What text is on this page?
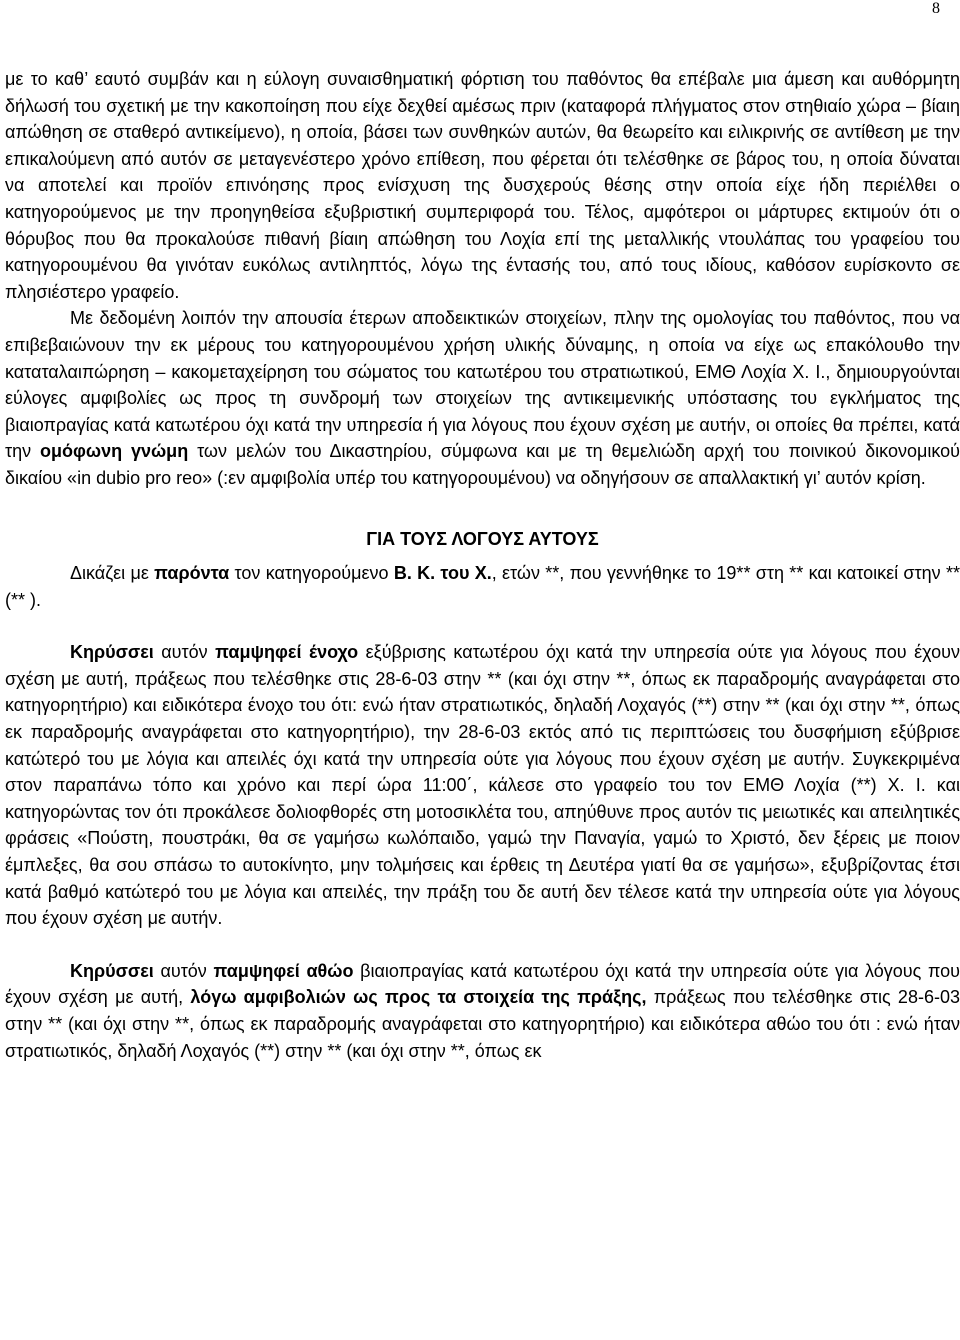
8

με το καθ’ εαυτό συμβάν και η εύλογη συναισθηματική φόρτιση του παθόντος θα επέβαλε μια άμεση και αυθόρμητη δήλωσή του σχετική με την κακοποίηση που είχε δεχθεί αμέσως πριν (καταφορά πλήγματος στον στηθιαίο χώρα – βίαιη απώθηση σε σταθερό αντικείμενο), η οποία, βάσει των συνθηκών αυτών, θα θεωρείτο και ειλικρινής σε αντίθεση με την επικαλούμενη από αυτόν σε μεταγενέστερο χρόνο επίθεση, που φέρεται ότι τελέσθηκε σε βάρος του, η οποία δύναται να αποτελεί και προϊόν επινόησης προς ενίσχυση της δυσχερούς θέσης στην οποία είχε ήδη περιέλθει ο κατηγορούμενος με την προηγηθείσα εξυβριστική συμπεριφορά του. Τέλος, αμφότεροι οι μάρτυρες εκτιμούν ότι ο θόρυβος που θα προκαλούσε πιθανή βίαιη απώθηση του Λοχία επί της μεταλλικής ντουλάπας του γραφείου του κατηγορουμένου θα γινόταν ευκόλως αντιληπτός, λόγω της έντασής του, από τους ιδίους, καθόσον ευρίσκοντο σε πλησιέστερο γραφείο.

Με δεδομένη λοιπόν την απουσία έτερων αποδεικτικών στοιχείων, πλην της ομολογίας του παθόντος, που να επιβεβαιώνουν την εκ μέρους του κατηγορουμένου χρήση υλικής δύναμης, η οποία να είχε ως επακόλουθο την καταταλαιπώρηση – κακομεταχείρηση του σώματος του κατωτέρου του στρατιωτικού, ΕΜΘ Λοχία Χ. Ι., δημιουργούνται εύλογες αμφιβολίες ως προς τη συνδρομή των στοιχείων της αντικειμενικής υπόστασης του εγκλήματος της βιαιοπραγίας κατά κατωτέρου όχι κατά την υπηρεσία ή για λόγους που έχουν σχέση με αυτήν, οι οποίες θα πρέπει, κατά την ομόφωνη γνώμη των μελών του Δικαστηρίου, σύμφωνα και με τη θεμελιώδη αρχή του ποινικού δικονομικού δικαίου «in dubio pro reo» (:εν αμφιβολία υπέρ του κατηγορουμένου) να οδηγήσουν σε απαλλακτική γι’ αυτόν κρίση.

ΓΙΑ ΤΟΥΣ ΛΟΓΟΥΣ ΑΥΤΟΥΣ

Δικάζει με παρόντα τον κατηγορούμενο Β. Κ. του Χ., ετών **, που γεννήθηκε το 19** στη ** και κατοικεί στην ** (** ).

Κηρύσσει αυτόν παμψηφεί ένοχο εξύβρισης κατωτέρου όχι κατά την υπηρεσία ούτε για λόγους που έχουν σχέση με αυτή, πράξεως που τελέσθηκε στις 28-6-03 στην ** (και όχι στην **, όπως εκ παραδρομής αναγράφεται στο κατηγορητήριο) και ειδικότερα ένοχο του ότι: ενώ ήταν στρατιωτικός, δηλαδή Λοχαγός (**) στην ** (και όχι στην **, όπως εκ παραδρομής αναγράφεται στο κατηγορητήριο), την 28-6-03 εκτός από τις περιπτώσεις του δυσφήμιση εξύβρισε κατώτερό του με λόγια και απειλές όχι κατά την υπηρεσία ούτε για λόγους που έχουν σχέση με αυτήν. Συγκεκριμένα στον παραπάνω τόπο και χρόνο και περί ώρα 11:00΄, κάλεσε στο γραφείο του τον ΕΜΘ Λοχία (**) Χ. Ι. και κατηγορώντας τον ότι προκάλεσε δολιοφθορές στη μοτοσικλέτα του, απηύθυνε προς αυτόν τις μειωτικές και απειλητικές φράσεις «Πούστη, πουστράκι, θα σε γαμήσω κωλόπαιδο, γαμώ την Παναγία, γαμώ το Χριστό, δεν ξέρεις με ποιον έμπλεξες, θα σου σπάσω το αυτοκίνητο, μην τολμήσεις και έρθεις τη Δευτέρα γιατί θα σε γαμήσω», εξυβρίζοντας έτσι κατά βαθμό κατώτερό του με λόγια και απειλές, την πράξη του δε αυτή δεν τέλεσε κατά την υπηρεσία ούτε για λόγους που έχουν σχέση με αυτήν.

Κηρύσσει αυτόν παμψηφεί αθώο βιαιοπραγίας κατά κατωτέρου όχι κατά την υπηρεσία ούτε για λόγους που έχουν σχέση με αυτή, λόγω αμφιβολιών ως προς τα στοιχεία της πράξης, πράξεως που τελέσθηκε στις 28-6-03 στην ** (και όχι στην **, όπως εκ παραδρομής αναγράφεται στο κατηγορητήριο) και ειδικότερα αθώο του ότι : ενώ ήταν στρατιωτικός, δηλαδή Λοχαγός (**) στην ** (και όχι στην **, όπως εκ
